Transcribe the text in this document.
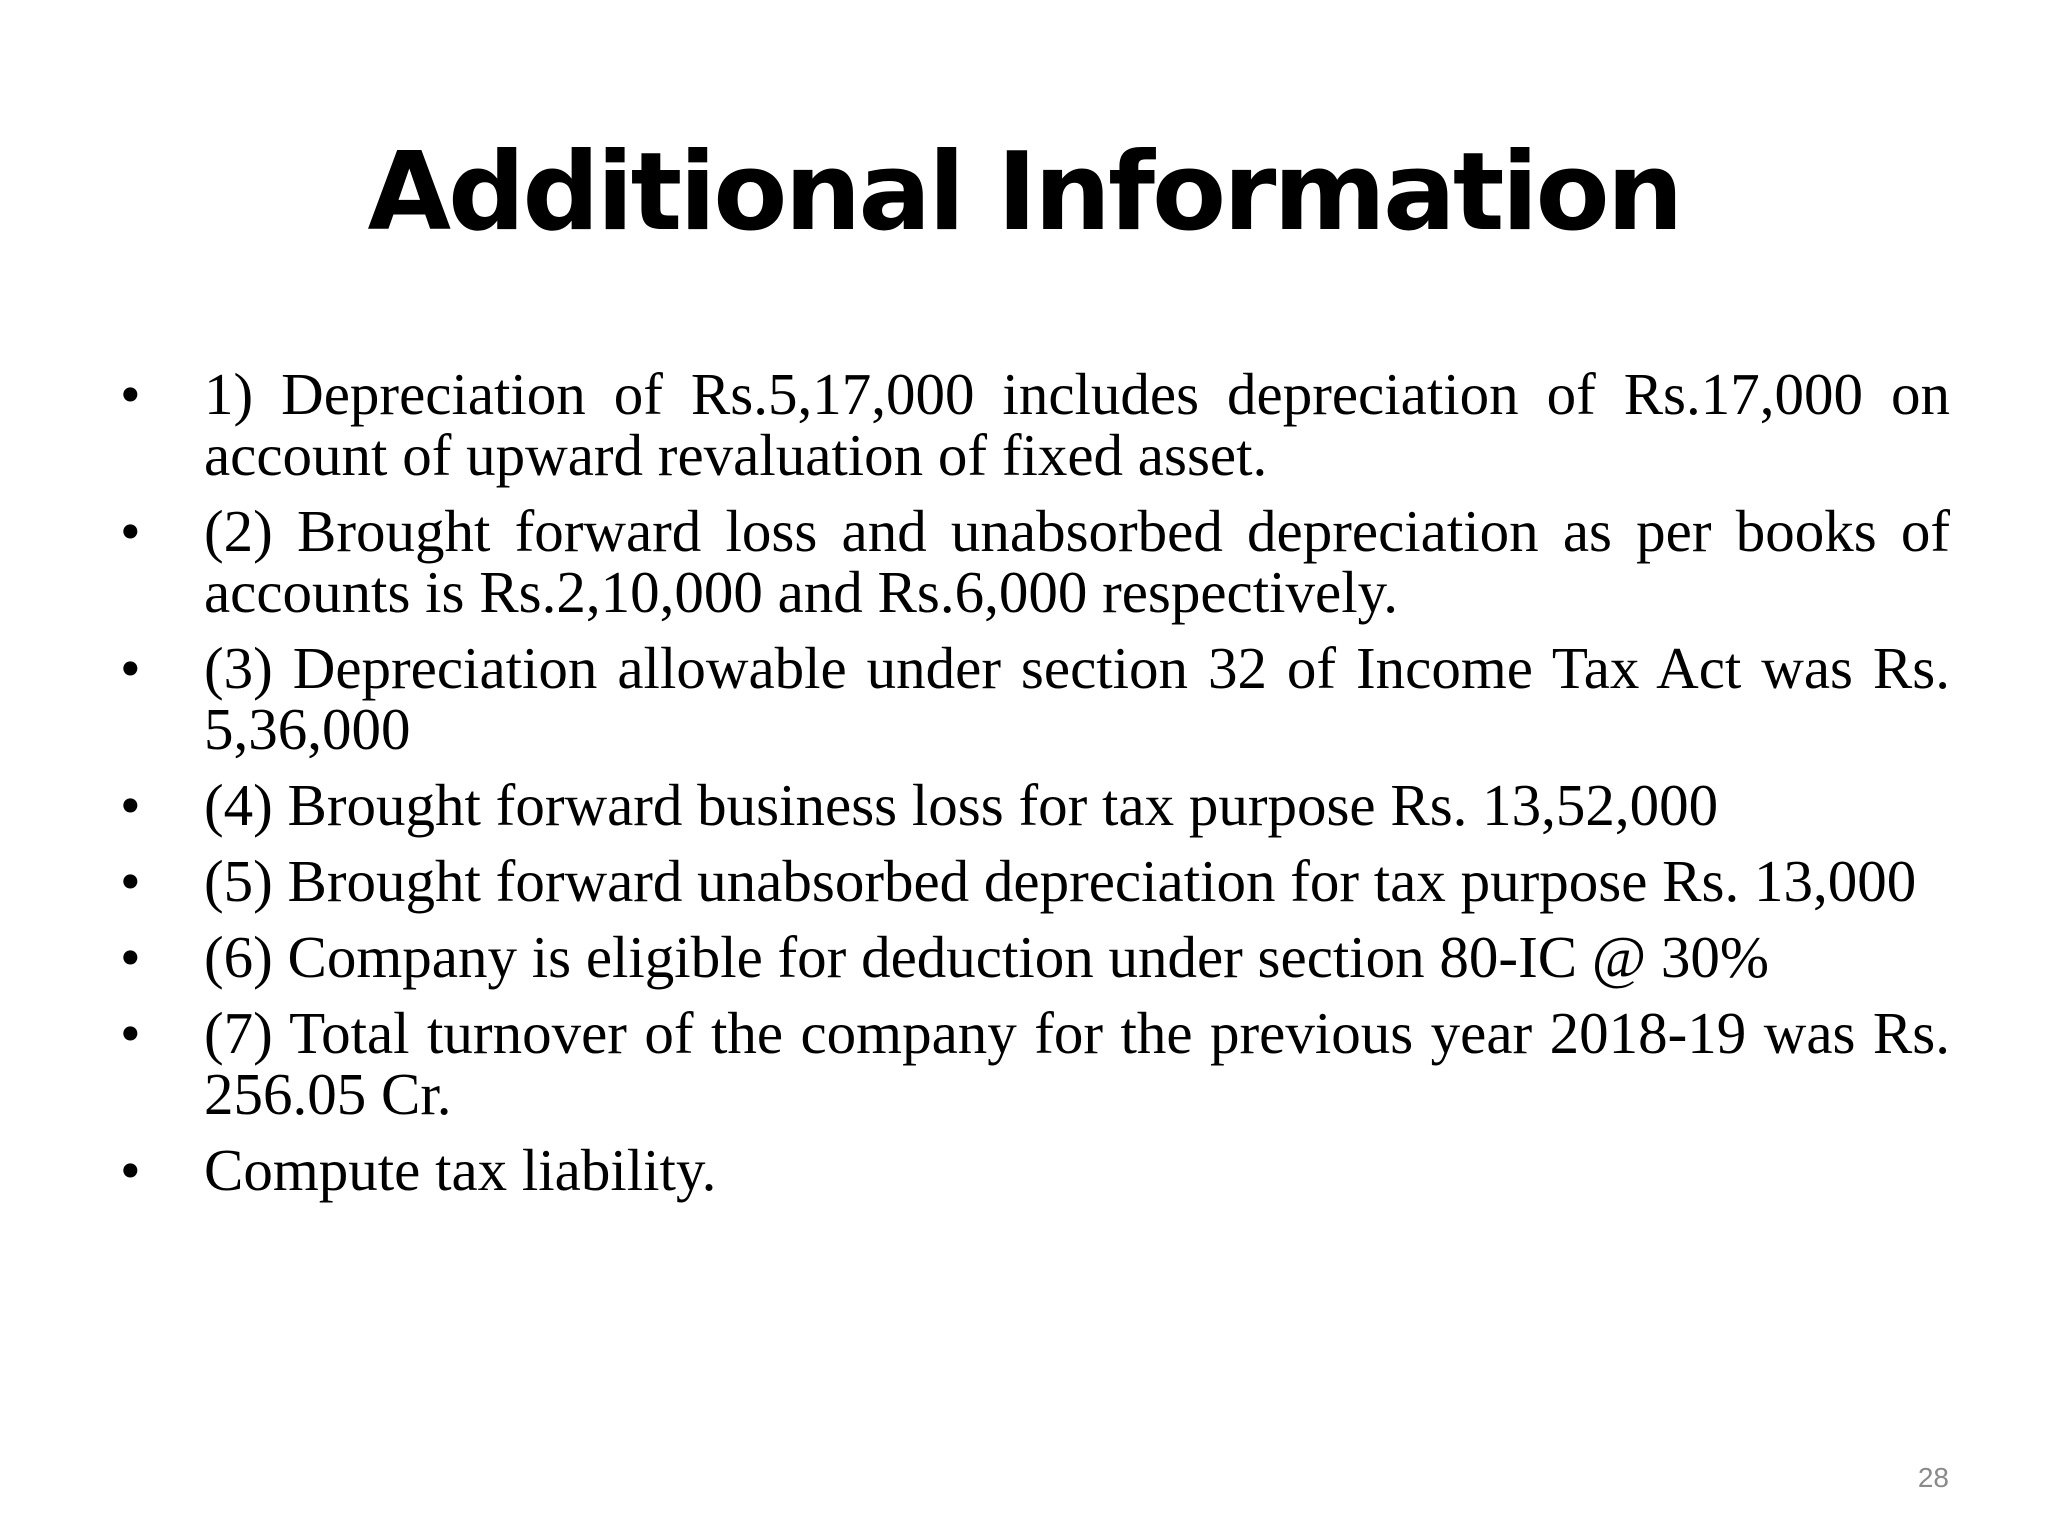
Additional Information
•	1) Depreciation of Rs.5,17,000 includes depreciation of Rs.17,000 on account of upward revaluation of fixed asset.
•	(2) Brought forward loss and unabsorbed depreciation as per books of accounts is Rs.2,10,000 and Rs.6,000 respectively.
•	(3) Depreciation allowable under section 32 of Income Tax Act was Rs. 5,36,000
•	(4) Brought forward business loss for tax purpose Rs. 13,52,000
•	(5) Brought forward unabsorbed depreciation for tax purpose Rs. 13,000
•	(6) Company is eligible for deduction under section 80-IC @ 30%
•	(7) Total turnover of the company for the previous year 2018-19 was Rs. 256.05 Cr.
•	Compute tax liability.
28
